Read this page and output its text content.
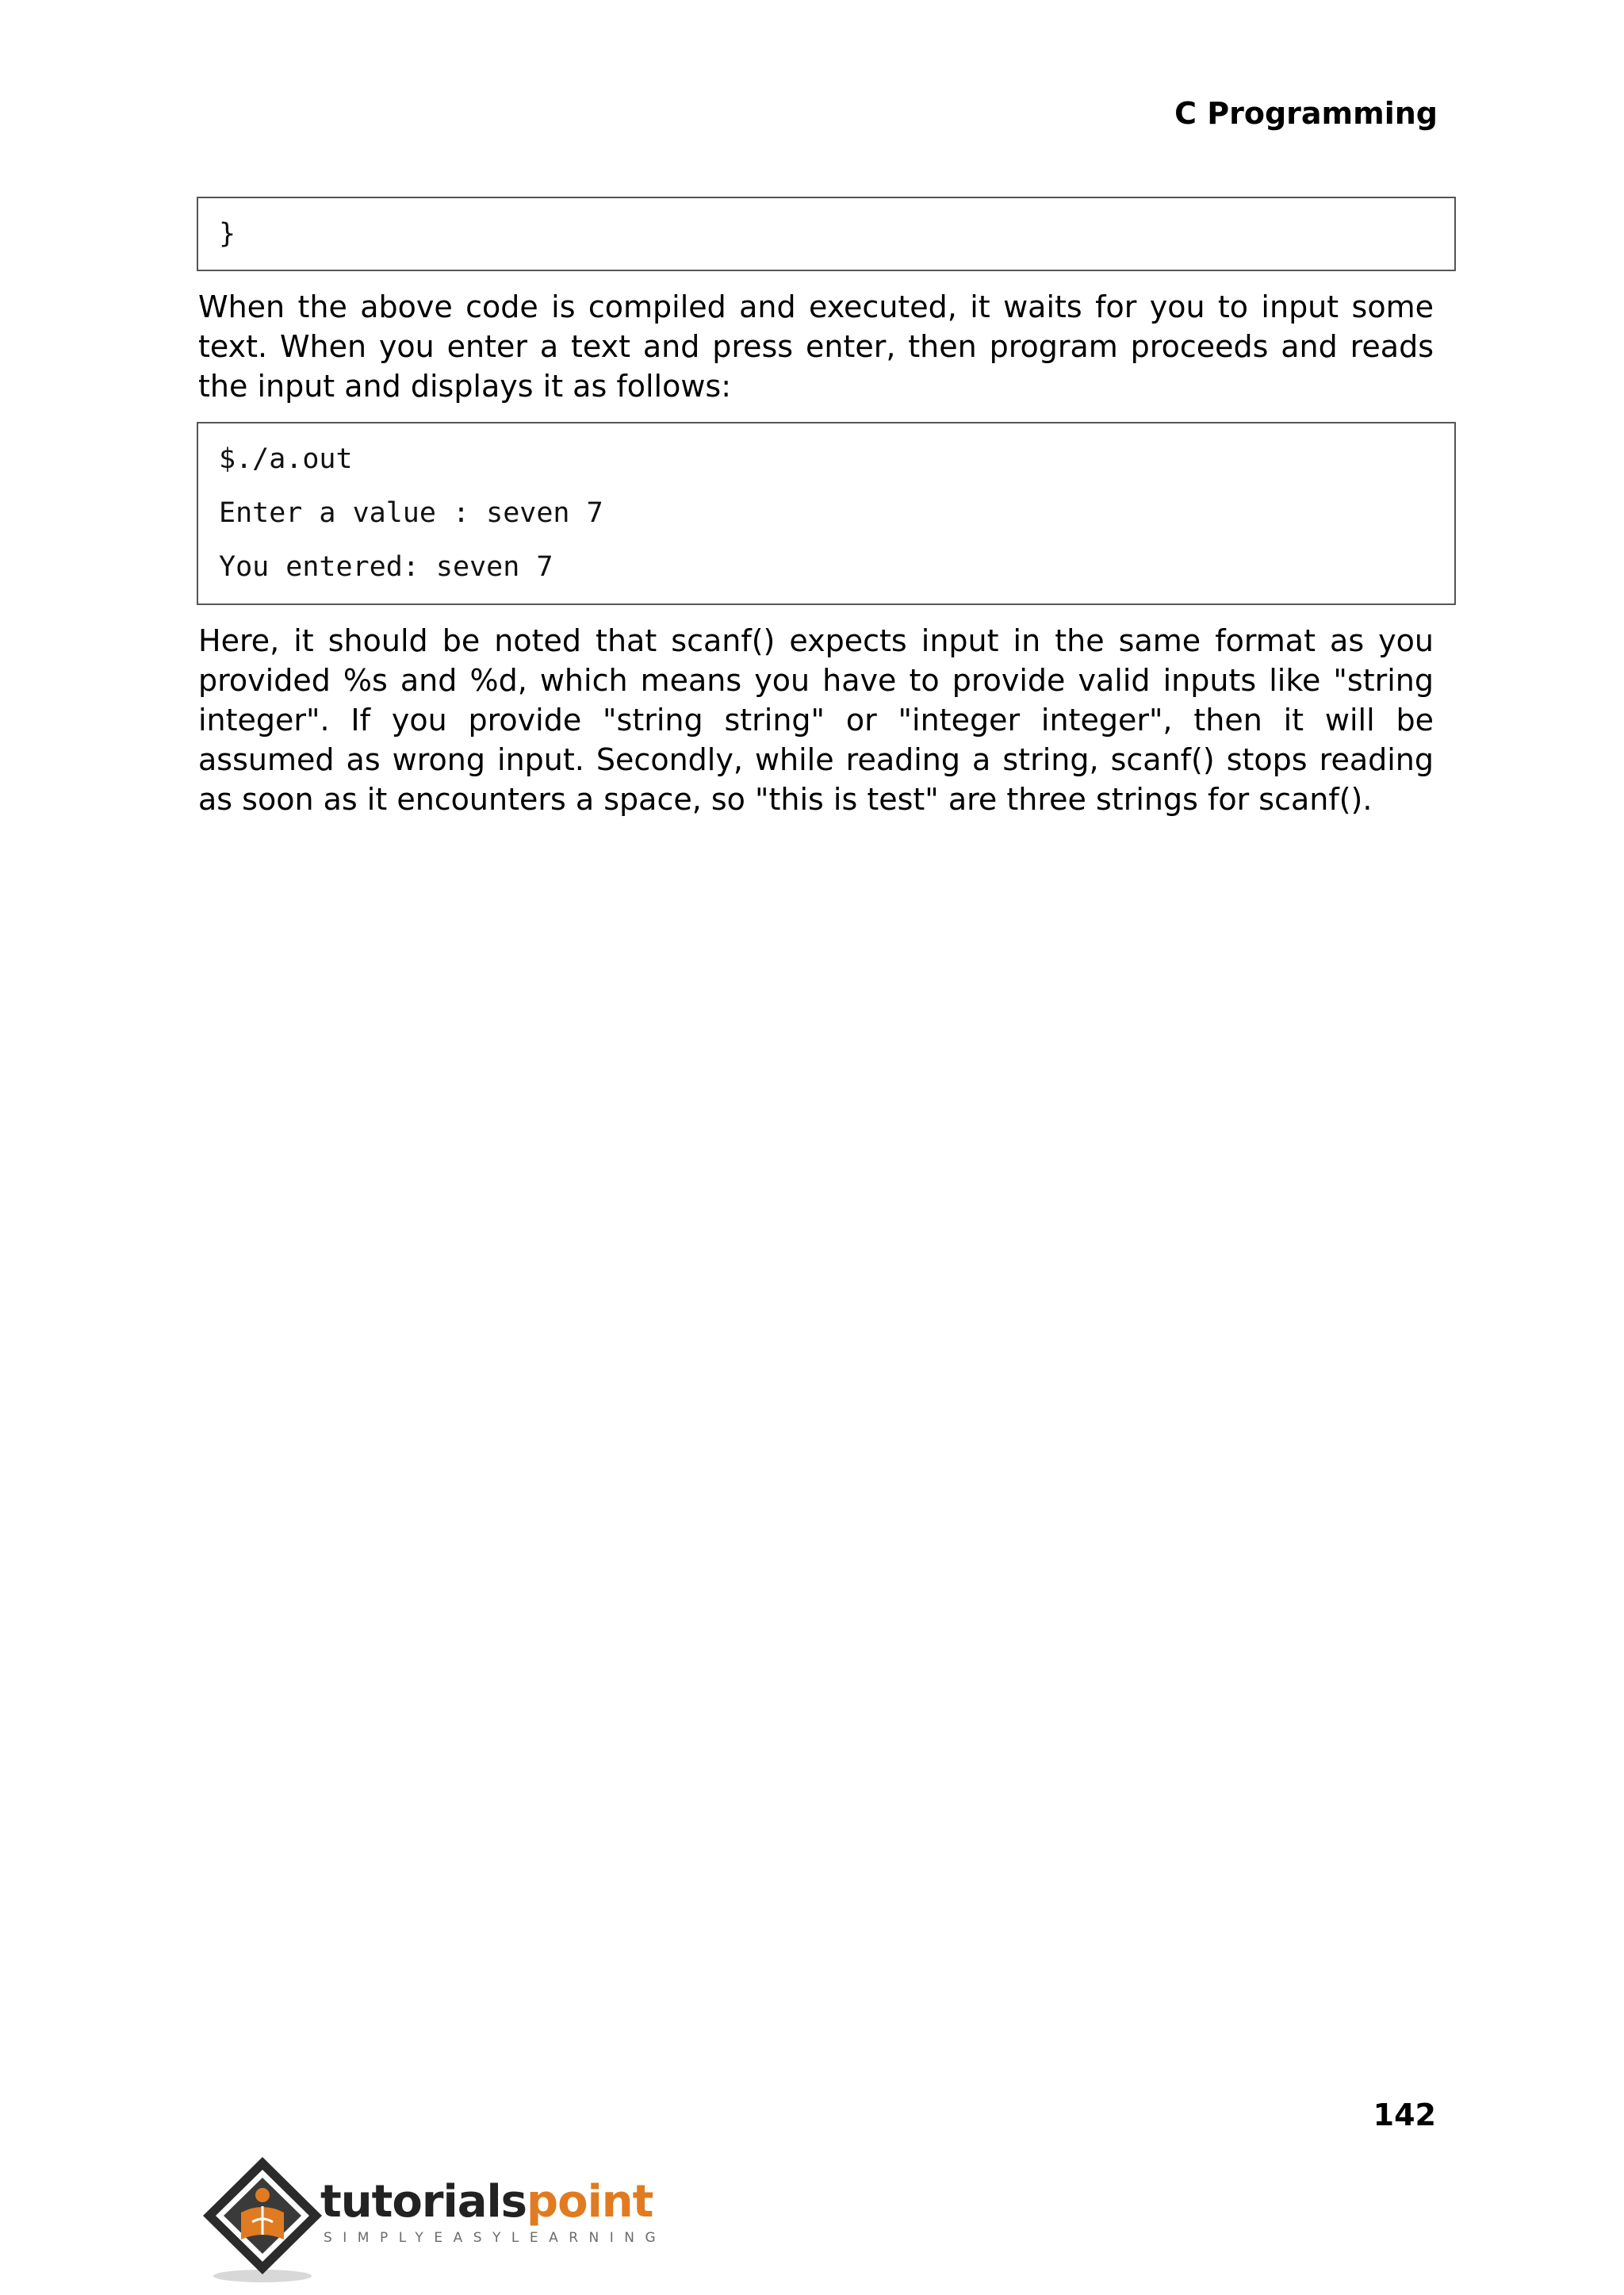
C Programming
}

When the above code is compiled and executed, it waits for you to input some text. When you enter a text and press enter, then program proceeds and reads the input and displays it as follows:

$./a.out
Enter a value : seven 7
You entered: seven 7

Here, it should be noted that scanf() expects input in the same format as you provided %s and %d, which means you have to provide valid inputs like "string integer". If you provide "string string" or "integer integer", then it will be assumed as wrong input. Secondly, while reading a string, scanf() stops reading as soon as it encounters a space, so "this is test" are three strings for scanf().

142
tutorialspoint
SIMPLYEASYLEARNING
